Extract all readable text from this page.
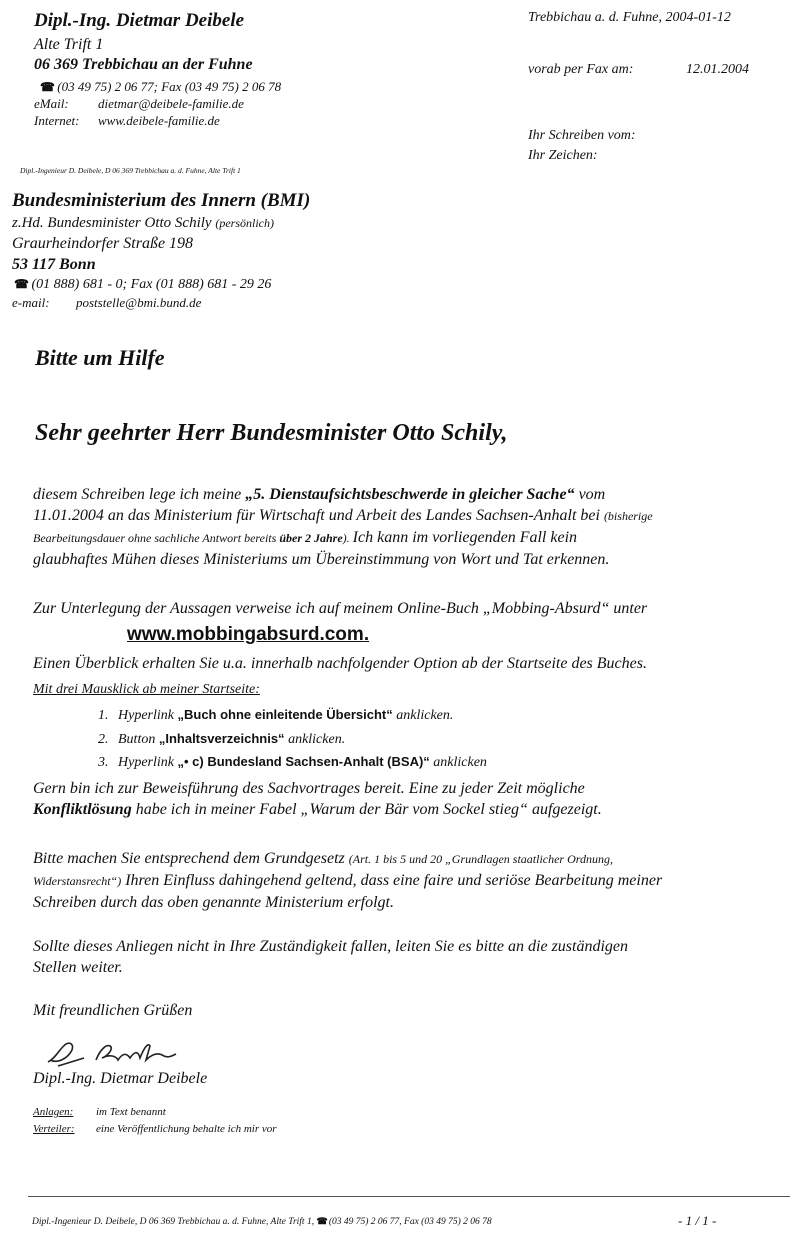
Dipl.-Ing. Dietmar Deibele
Alte Trift 1
06 369 Trebbichau an der Fuhne
☎ (03 49 75) 2 06 77; Fax (03 49 75) 2 06 78
eMail: dietmar@deibele-familie.de
Internet: www.deibele-familie.de
Trebbichau a. d. Fuhne, 2004-01-12
vorab per Fax am:	12.01.2004
Ihr Schreiben vom:
Ihr Zeichen:
Dipl.-Ingenieur D. Deibele, D 06 369 Trebbichau a. d. Fuhne, Alte Trift 1
Bundesministerium des Innern (BMI)
z.Hd. Bundesminister Otto Schily (persönlich)
Graurheindorfer Straße 198
53 117 Bonn
☎ (01 888) 681 - 0; Fax (01 888) 681 - 29 26
e-mail: poststelle@bmi.bund.de
Bitte um Hilfe
Sehr geehrter Herr Bundesminister Otto Schily,
diesem Schreiben lege ich meine „5. Dienstaufsichtsbeschwerde in gleicher Sache“ vom
11.01.2004 an das Ministerium für Wirtschaft und Arbeit des Landes Sachsen-Anhalt bei (bisherige
Bearbeitungsdauer ohne sachliche Antwort bereits über 2 Jahre). Ich kann im vorliegenden Fall kein
glaubhaftes Mühen dieses Ministeriums um Übereinstimmung von Wort und Tat erkennen.
Zur Unterlegung der Aussagen verweise ich auf meinem Online-Buch „Mobbing-Absurd“ unter
www.mobbingabsurd.com.
Einen Überblick erhalten Sie u.a. innerhalb nachfolgender Option ab der Startseite des Buches.
Mit drei Mausklick ab meiner Startseite:
1. Hyperlink „Buch ohne einleitende Übersicht“ anklicken.
2. Button „Inhaltsverzeichnis“ anklicken.
3. Hyperlink „• c) Bundesland Sachsen-Anhalt (BSA)“ anklicken
Gern bin ich zur Beweisführung des Sachvortrages bereit. Eine zu jeder Zeit mögliche
Konfliktlösung habe ich in meiner Fabel „Warum der Bär vom Sockel stieg“ aufgezeigt.
Bitte machen Sie entsprechend dem Grundgesetz (Art. 1 bis 5 und 20 „Grundlagen staatlicher Ordnung,
Widerstansrecht“) Ihren Einfluss dahingehend geltend, dass eine faire und seriöse Bearbeitung meiner
Schreiben durch das oben genannte Ministerium erfolgt.
Sollte dieses Anliegen nicht in Ihre Zuständigkeit fallen, leiten Sie es bitte an die zuständigen
Stellen weiter.
Mit freundlichen Grüßen
Dipl.-Ing. Dietmar Deibele
Anlagen: im Text benannt
Verteiler: eine Veröffentlichung behalte ich mir vor
Dipl.-Ingenieur D. Deibele, D 06 369 Trebbichau a. d. Fuhne, Alte Trift 1, ☎ (03 49 75) 2 06 77, Fax (03 49 75) 2 06 78	- 1 / 1 -
